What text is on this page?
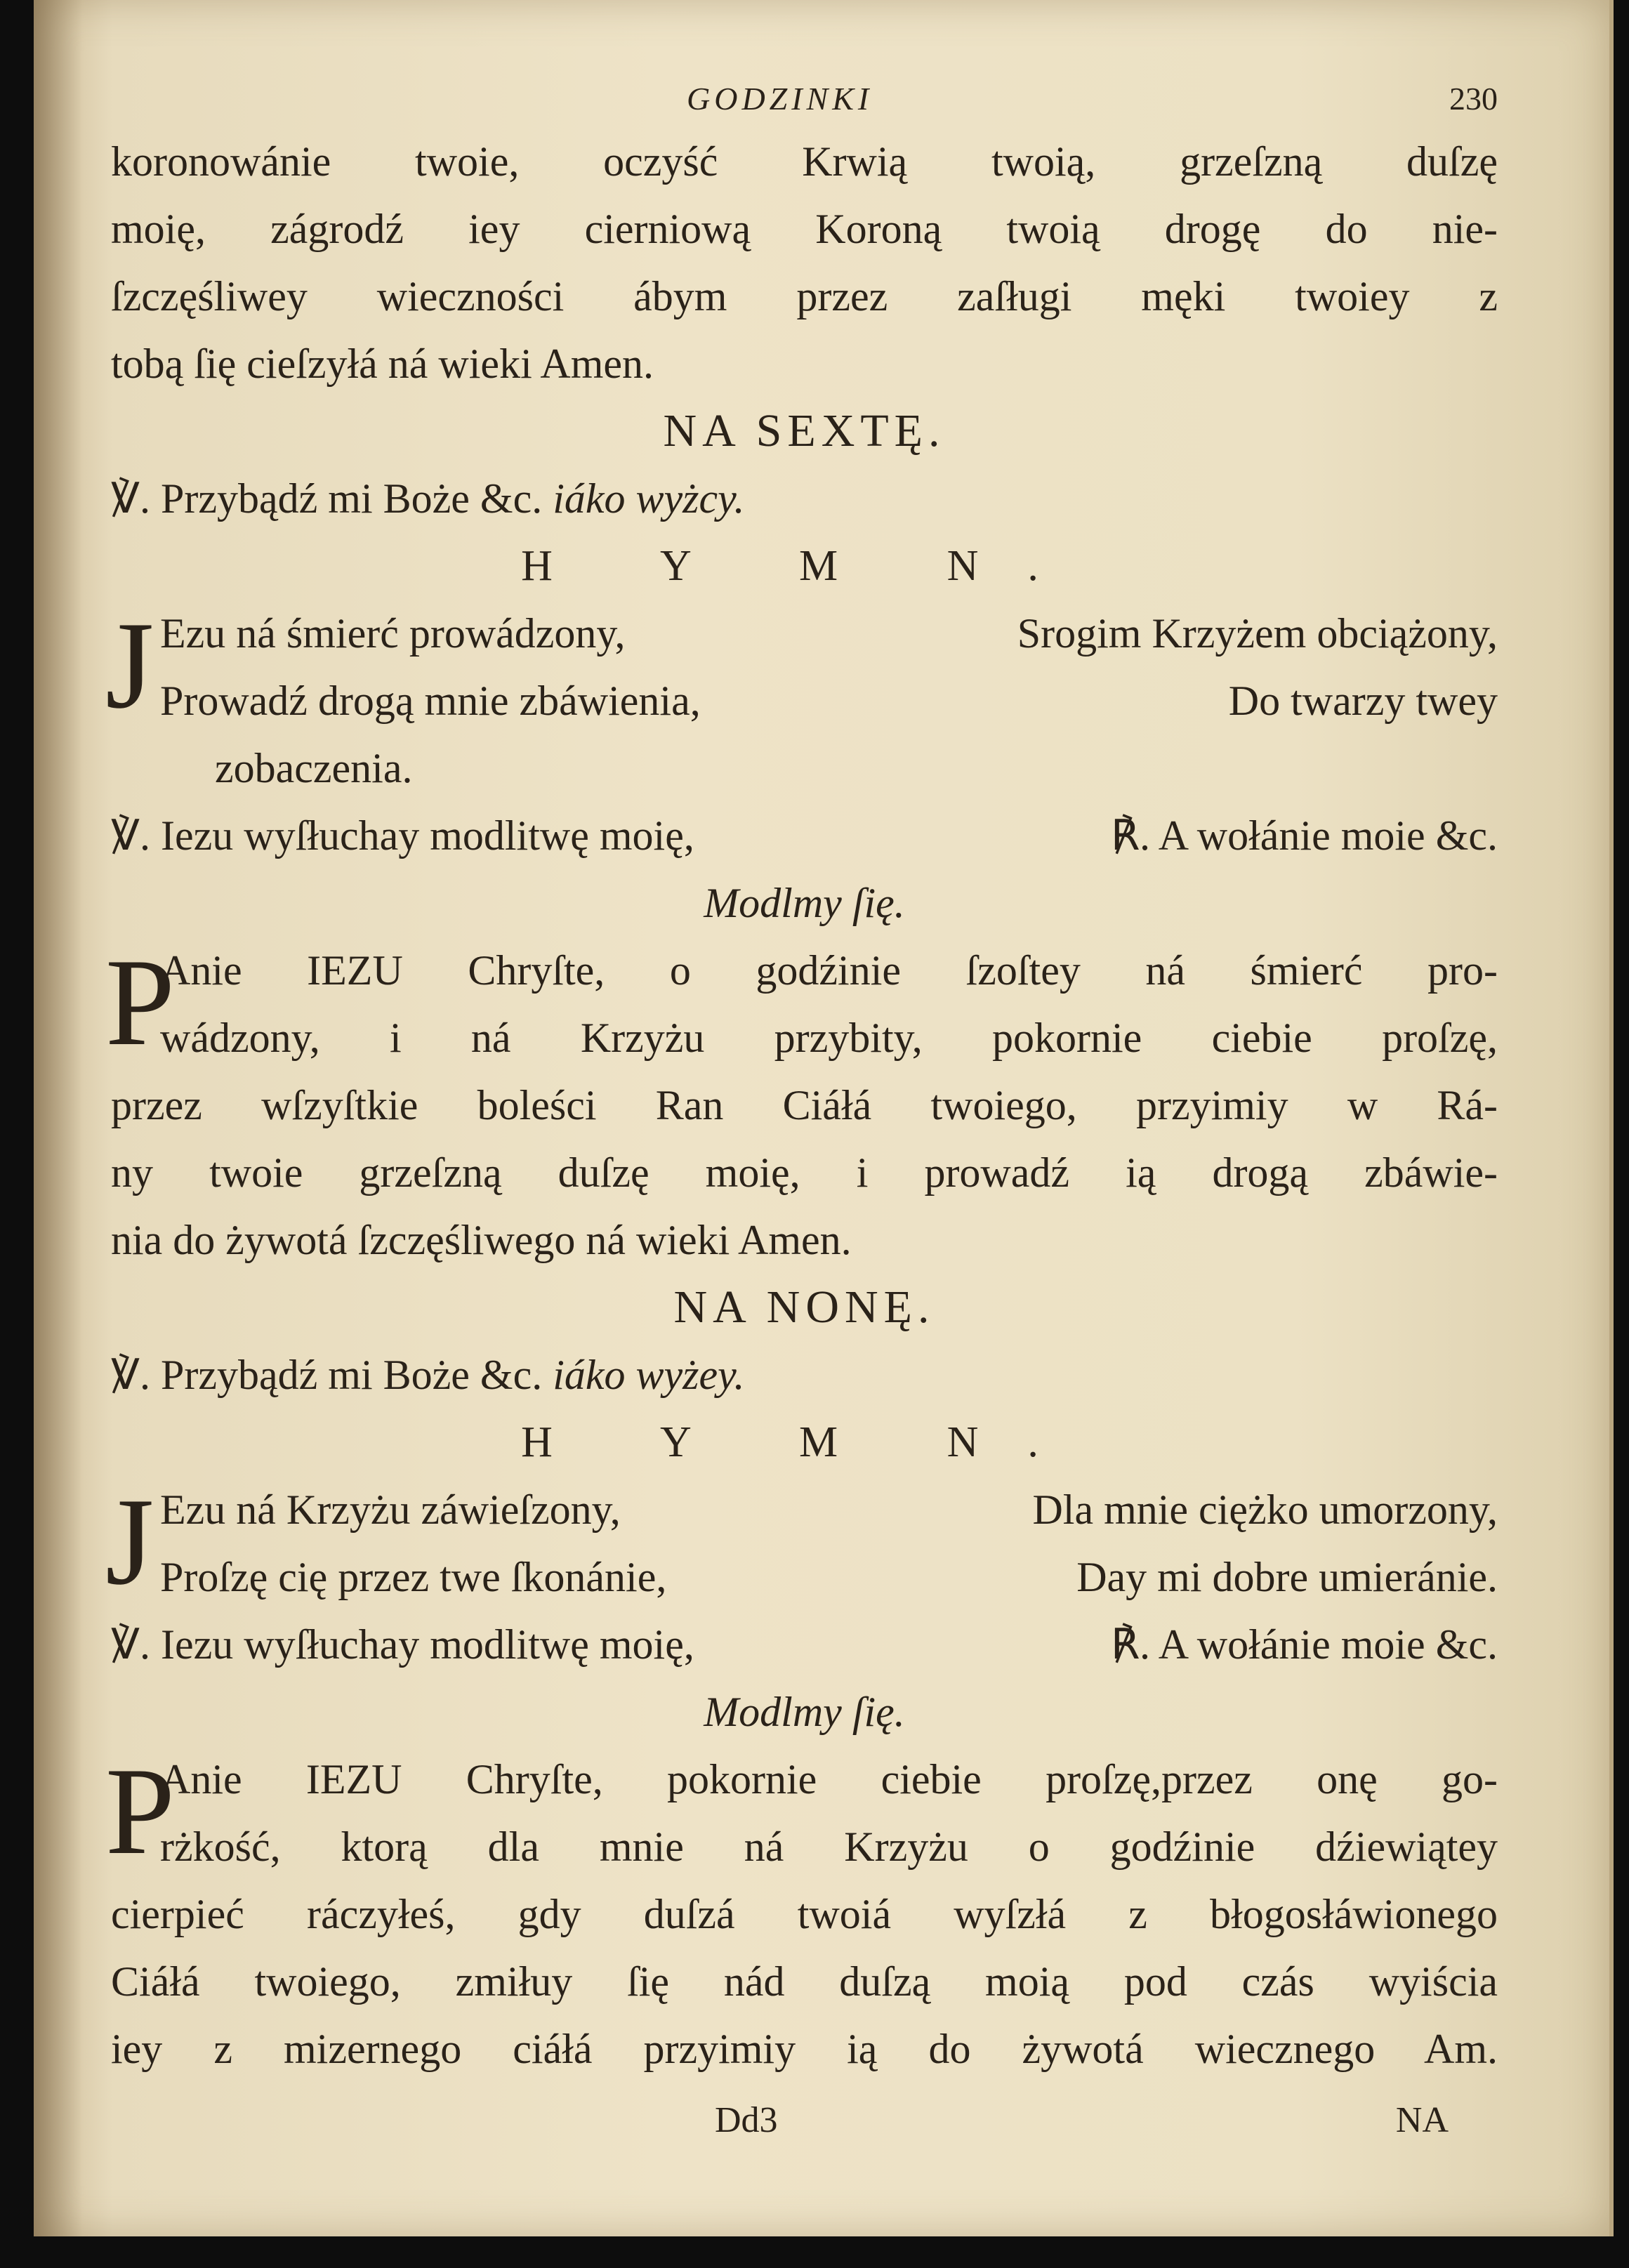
GODZINKI	230
koronowánie twoie, oczyść Krwią twoią, grzeſzną duſzę
moię, zágrodź iey cierniową Koroną twoią drogę do nie-
ſzczęśliwey wieczności ábym przez zaſługi męki twoiey z
tobą ſię cieſzyłá ná wieki Amen.
NA SEXTĘ.
℣. Przybądź mi Boże &c. iáko wyżcy.
H Y M N.
J Ezu ná śmierć prowádzony,	Srogim Krzyżem obciążony,
Prowadź drogą mnie zbáwienia,	Do twarzy twey
zobaczenia.
℣. Iezu wyſłuchay modlitwę moię,	℟. A wołánie moie &c.
Modlmy ſię.
P
Anie IEZU Chryſte, o godźinie ſzoſtey ná śmierć pro-
wádzony, i ná Krzyżu przybity, pokornie ciebie proſzę,
przez wſzyſtkie boleści Ran Ciáłá twoiego, przyimiy w Rá-
ny twoie grzeſzną duſzę moię, i prowadź ią drogą zbáwie-
nia do żywotá ſzczęśliwego ná wieki Amen.
NA NONĘ.
℣. Przybądź mi Boże &c. iáko wyżey.
H Y M N.
J Ezu ná Krzyżu záwieſzony,	Dla mnie ciężko umorzony,
Proſzę cię przez twe ſkonánie,	Day mi dobre umieránie.
℣. Iezu wyſłuchay modlitwę moię,	℟. A wołánie moie &c.
Modlmy ſię.
P
Anie IEZU Chryſte, pokornie ciebie proſzę,przez onę go-
rżkość, ktorą dla mnie ná Krzyżu o godźinie dźiewiątey
cierpieć ráczyłeś, gdy duſzá twoiá wyſzłá z błogosłáwionego
Ciáłá twoiego, zmiłuy ſię nád duſzą moią pod czás wyiścia
iey z mizernego ciáłá przyimiy ią do żywotá wiecznego Am.
Dd3	NA
